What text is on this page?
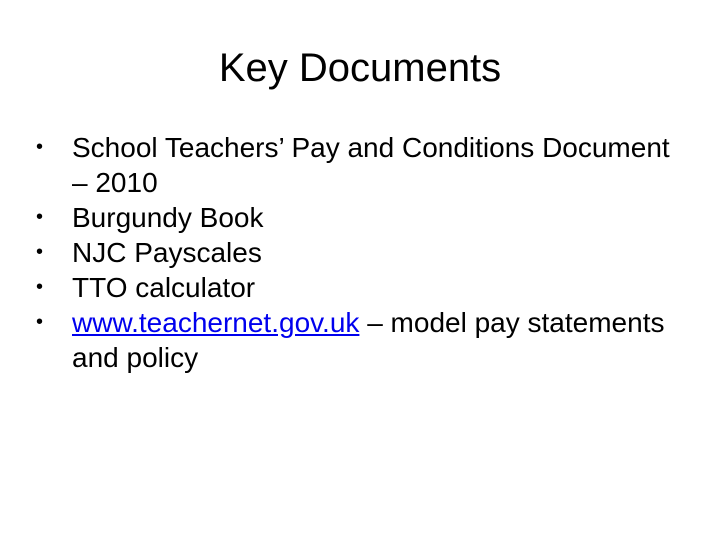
Key Documents
•	School Teachers’ Pay and Conditions Document – 2010
•	Burgundy Book
•	NJC Payscales
•	TTO calculator
•	www.teachernet.gov.uk – model pay statements and policy
